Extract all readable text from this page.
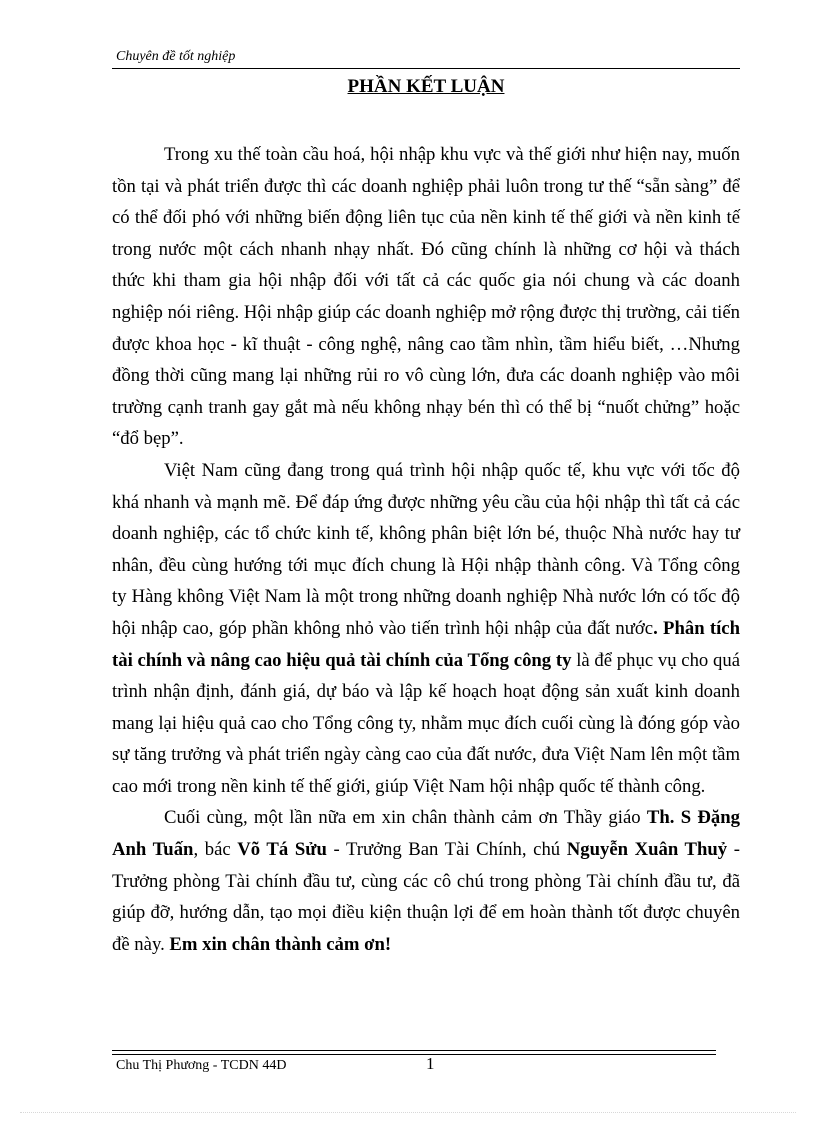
Chuyên đề tốt nghiệp
PHẦN KẾT LUẬN

Trong xu thế toàn cầu hoá, hội nhập khu vực và thế giới như hiện nay, muốn tồn tại và phát triển được thì các doanh nghiệp phải luôn trong tư thế “sẵn sàng” để có thể đối phó với những biến động liên tục của nền kinh tế thế giới và nền kinh tế trong nước một cách nhanh nhạy nhất. Đó cũng chính là những cơ hội và thách thức khi tham gia hội nhập đối với tất cả các quốc gia nói chung và các doanh nghiệp nói riêng. Hội nhập giúp các doanh nghiệp mở rộng được thị trường, cải tiến được khoa học - kĩ thuật - công nghệ, nâng cao tầm nhìn, tầm hiểu biết, …Nhưng đồng thời cũng mang lại những rủi ro vô cùng lớn, đưa các doanh nghiệp vào môi trường cạnh tranh gay gắt mà nếu không nhạy bén thì có thể bị “nuốt chửng” hoặc “đổ bẹp”.

Việt Nam cũng đang trong quá trình hội nhập quốc tế, khu vực với tốc độ khá nhanh và mạnh mẽ. Để đáp ứng được những yêu cầu của hội nhập thì tất cả các doanh nghiệp, các tổ chức kinh tế, không phân biệt lớn bé, thuộc Nhà nước hay tư nhân, đều cùng hướng tới mục đích chung là Hội nhập thành công. Và Tổng công ty Hàng không Việt Nam là một trong những doanh nghiệp Nhà nước lớn có tốc độ hội nhập cao, góp phần không nhỏ vào tiến trình hội nhập của đất nước. Phân tích tài chính và nâng cao hiệu quả tài chính của Tổng công ty là để phục vụ cho quá trình nhận định, đánh giá, dự báo và lập kế hoạch hoạt động sản xuất kinh doanh mang lại hiệu quả cao cho Tổng công ty, nhằm mục đích cuối cùng là đóng góp vào sự tăng trưởng và phát triển ngày càng cao của đất nước, đưa Việt Nam lên một tầm cao mới trong nền kinh tế thế giới, giúp Việt Nam hội nhập quốc tế thành công.

Cuối cùng, một lần nữa em xin chân thành cảm ơn Thầy giáo Th. S Đặng Anh Tuấn, bác Võ Tá Sửu - Trưởng Ban Tài Chính, chú Nguyễn Xuân Thuỷ - Trưởng phòng Tài chính đầu tư, cùng các cô chú trong phòng Tài chính đầu tư, đã giúp đỡ, hướng dẫn, tạo mọi điều kiện thuận lợi để em hoàn thành tốt được chuyên đề này. Em xin chân thành cảm ơn!

Chu Thị Phương - TCDN 44D	1
